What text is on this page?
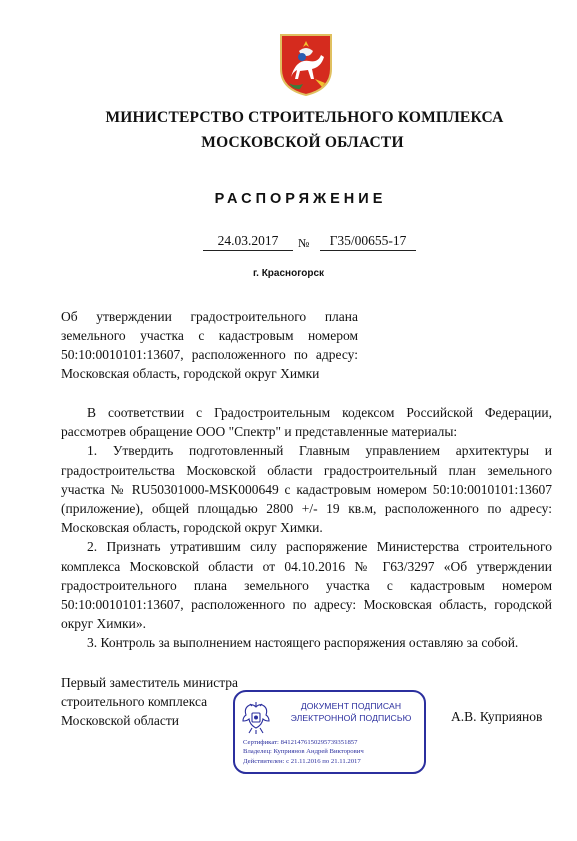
МИНИСТЕРСТВО СТРОИТЕЛЬНОГО КОМПЛЕКСА
МОСКОВСКОЙ ОБЛАСТИ
РАСПОРЯЖЕНИЕ
24.03.2017	№	Г35/00655-17
г. Красногорск
Об утверждении градостроительного плана земельного участка с кадастровым номером 50:10:0010101:13607, расположенного по адресу: Московская область, городской округ Химки

В соответствии с Градостроительным кодексом Российской Федерации, рассмотрев обращение ООО "Спектр" и представленные материалы:

1. Утвердить подготовленный Главным управлением архитектуры и градостроительства Московской области градостроительный план земельного участка № RU50301000-MSK000649 с кадастровым номером 50:10:0010101:13607 (приложение), общей площадью 2800 +/- 19 кв.м, расположенного по адресу: Московская область, городской округ Химки.

2. Признать утратившим силу распоряжение Министерства строительного комплекса Московской области от 04.10.2016 № Г63/3297 «Об утверждении градостроительного плана земельного участка с кадастровым номером 50:10:0010101:13607, расположенного по адресу: Московская область, городской округ Химки».

3. Контроль за выполнением настоящего распоряжения оставляю за собой.

Первый заместитель министра
строительного комплекса
Московской области
ДОКУМЕНТ ПОДПИСАН
ЭЛЕКТРОННОЙ ПОДПИСЬЮ
Сертификат: 84121476150295739351857
Владелец: Куприянов Андрей Викторович
Действителен: с 21.11.2016 по 21.11.2017
А.В. Куприянов
